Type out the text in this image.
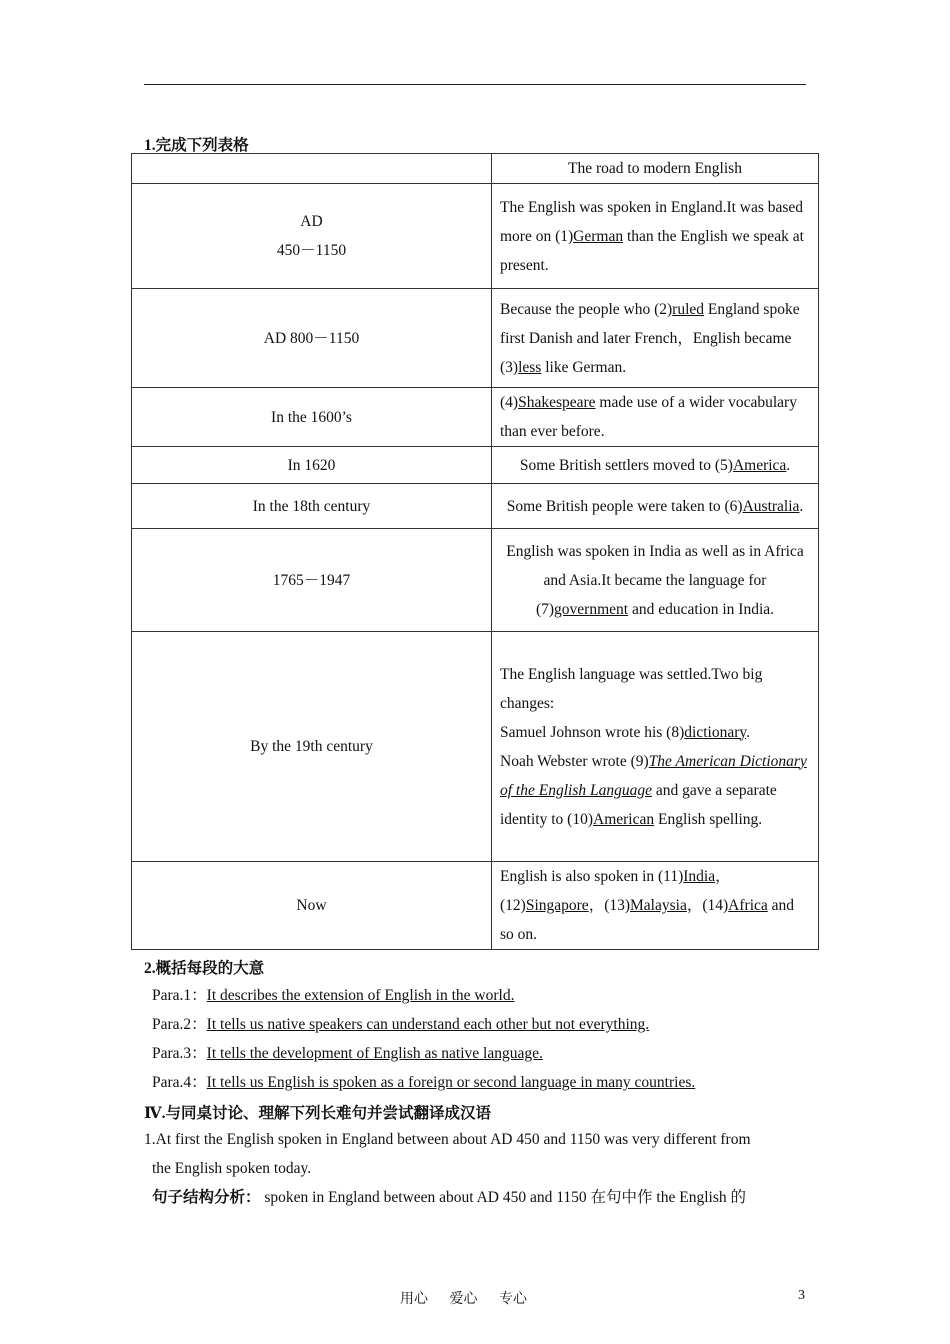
1.完成下列表格
	The road to modern English

AD
450－1150	The English was spoken in England.It was based more on (1)German than the English we speak at present.
AD 800－1150	Because the people who (2)ruled England spoke first Danish and later French，English became (3)less like German.
In the 1600’s	(4)Shakespeare made use of a wider vocabulary than ever before.
In 1620	Some British settlers moved to (5)America.
In the 18th century	Some British people were taken to (6)Australia.
1765－1947	English was spoken in India as well as in Africa and Asia.It became the language for (7)government and education in India.
By the 19th century	The English language was settled.Two big changes:
Samuel Johnson wrote his (8)dictionary.
Noah Webster wrote (9)The American Dictionary of the English Language and gave a separate identity to (10)American English spelling.

Now	English is also spoken in (11)India，(12)Singapore，(13)Malaysia，(14)Africa and so on.
2.概括每段的大意
Para.1：It describes the extension of English in the world.
Para.2：It tells us native speakers can understand each other but not everything.
Para.3：It tells the development of English as native language.
Para.4：It tells us English is spoken as a foreign or second language in many countries.
Ⅳ.与同桌讨论、理解下列长难句并尝试翻译成汉语
1.At first the English spoken in England between about AD 450 and 1150 was very different from
the English spoken today.
句子结构分析： spoken in England between about AD 450 and 1150 在句中作 the English 的
用心 爱心 专心	3
